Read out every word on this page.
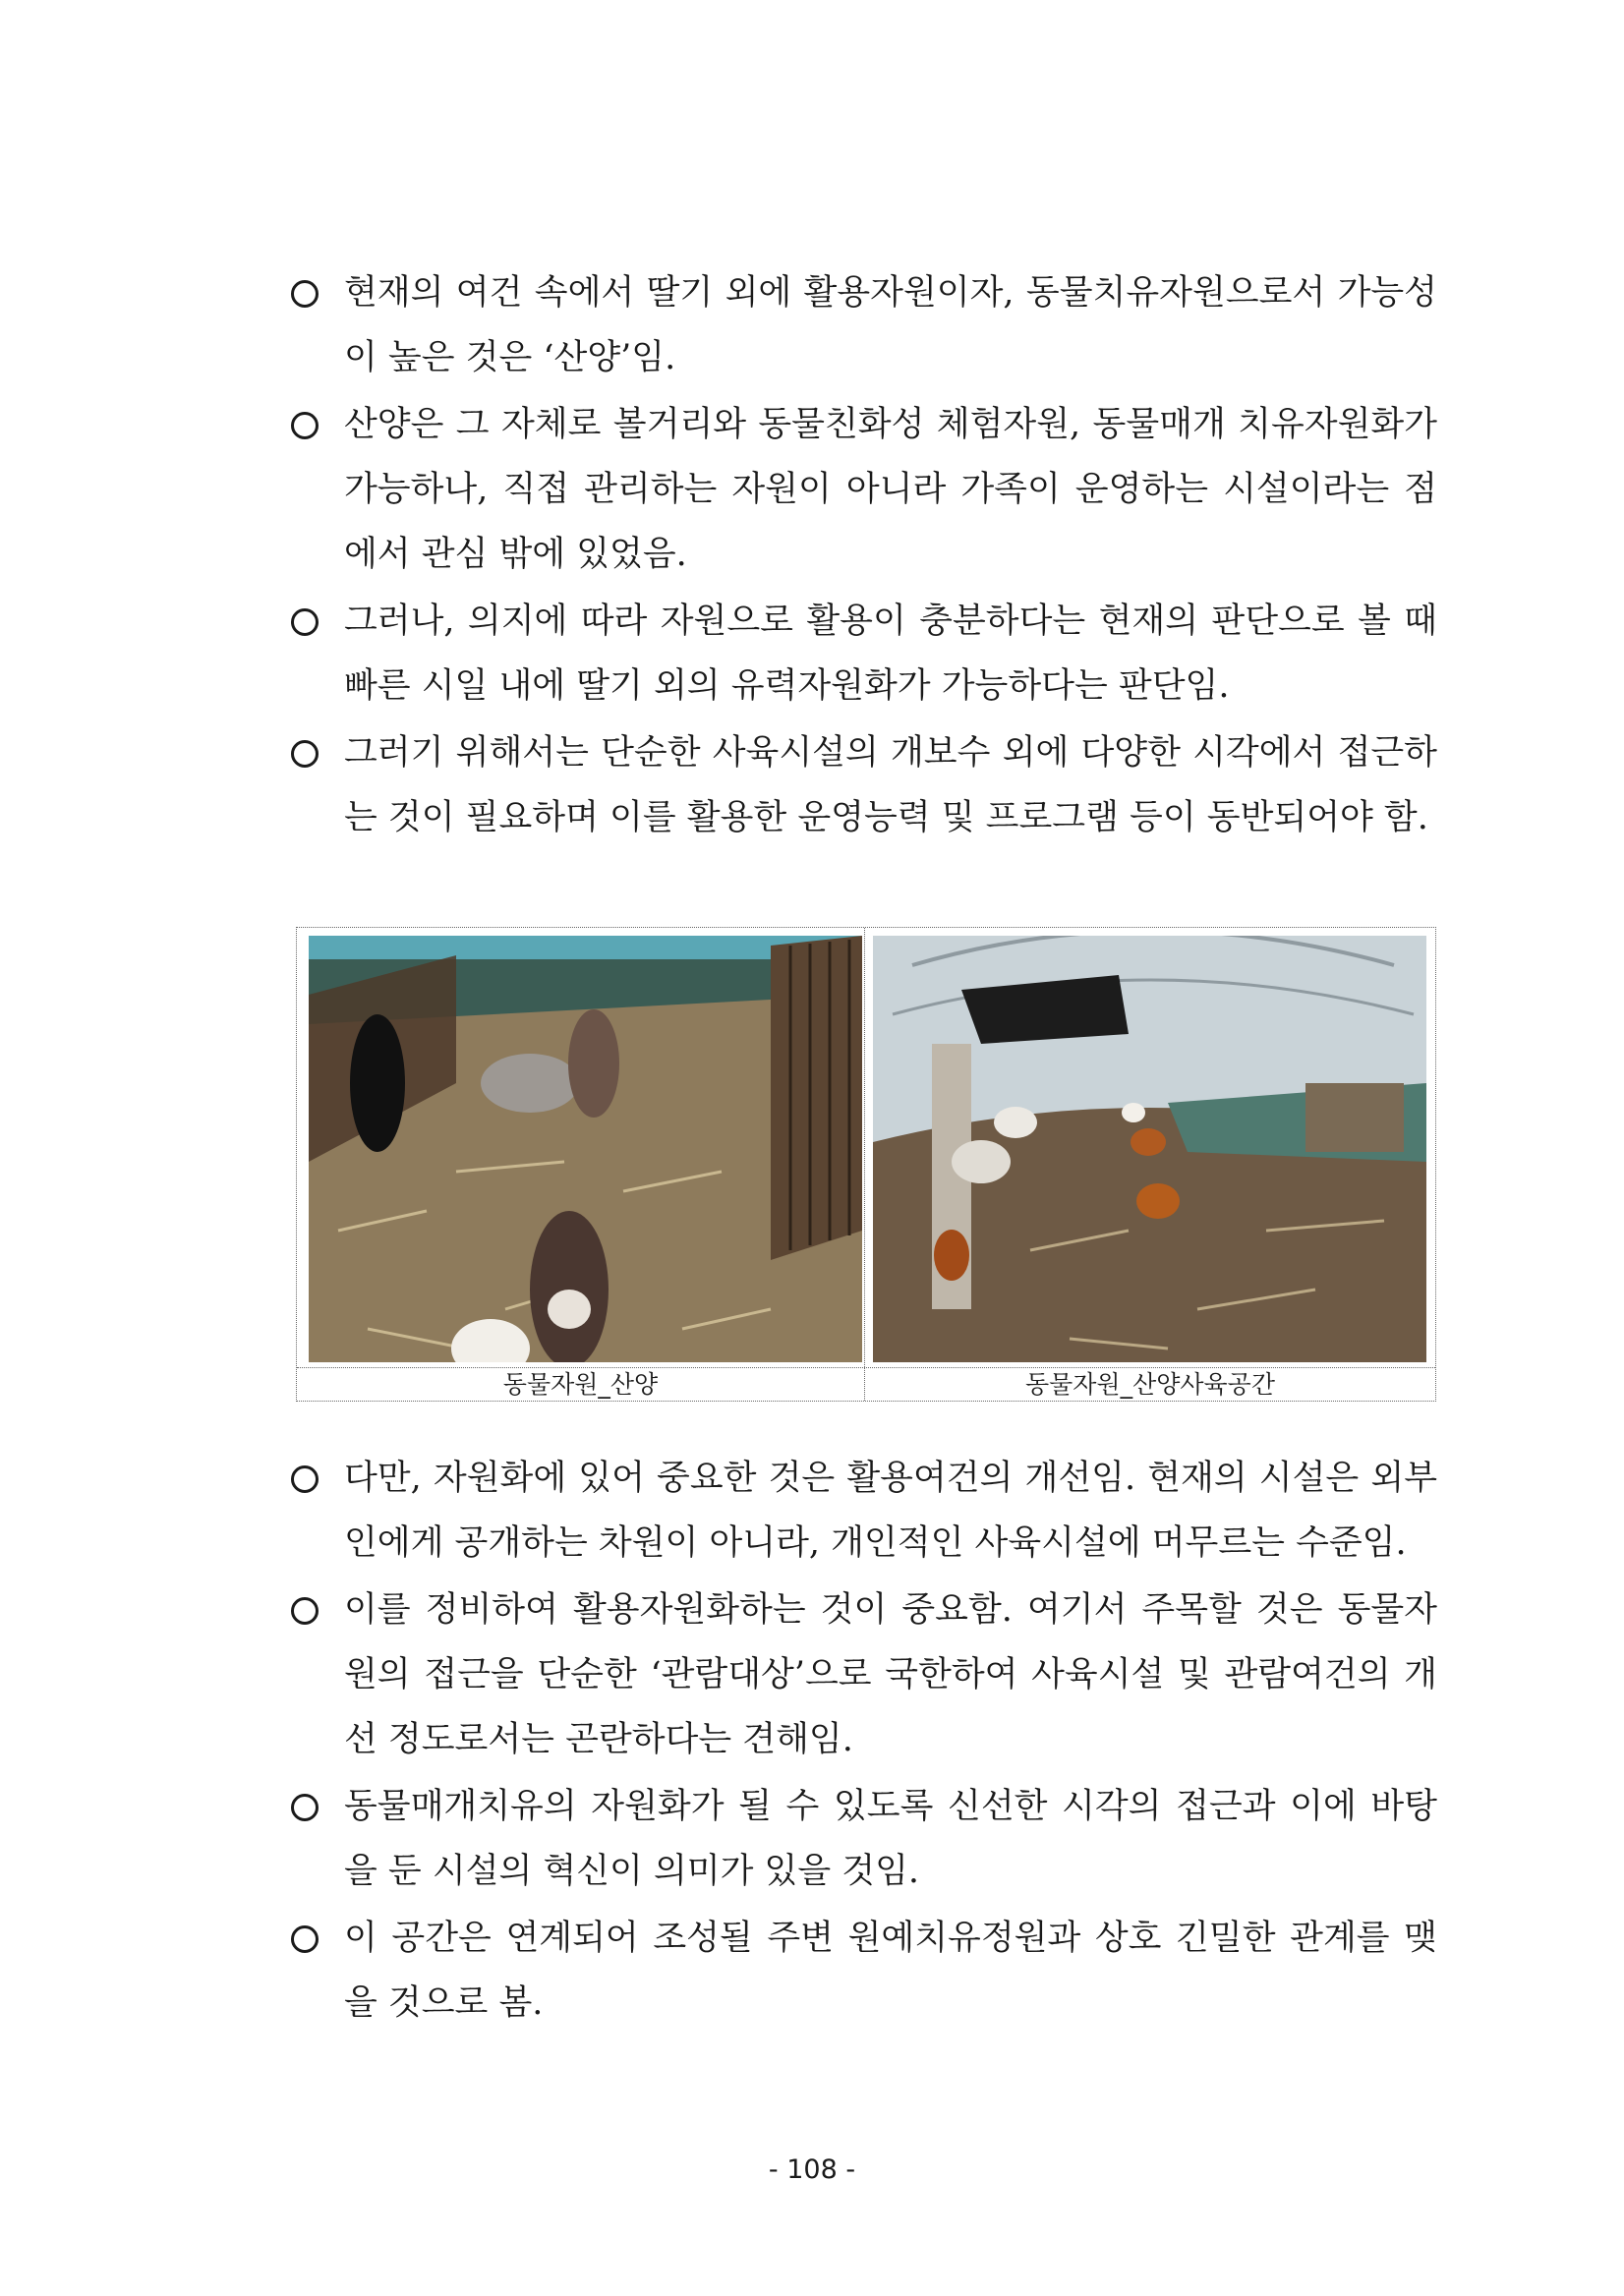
현재의 여건 속에서 딸기 외에 활용자원이자, 동물치유자원으로서 가능성이 높은 것은 ‘산양’임.
산양은 그 자체로 볼거리와 동물친화성 체험자원, 동물매개 치유자원화가 가능하나, 직접 관리하는 자원이 아니라 가족이 운영하는 시설이라는 점에서 관심 밖에 있었음.
그러나, 의지에 따라 자원으로 활용이 충분하다는 현재의 판단으로 볼 때 빠른 시일 내에 딸기 외의 유력자원화가 가능하다는 판단임.
그러기 위해서는 단순한 사육시설의 개보수 외에 다양한 시각에서 접근하는 것이 필요하며 이를 활용한 운영능력 및 프로그램 등이 동반되어야 함.
동물자원_산양	동물자원_산양사육공간
다만, 자원화에 있어 중요한 것은 활용여건의 개선임. 현재의 시설은 외부인에게 공개하는 차원이 아니라, 개인적인 사육시설에 머무르는 수준임.
이를 정비하여 활용자원화하는 것이 중요함. 여기서 주목할 것은 동물자원의 접근을 단순한 ‘관람대상’으로 국한하여 사육시설 및 관람여건의 개선 정도로서는 곤란하다는 견해임.
동물매개치유의 자원화가 될 수 있도록 신선한 시각의 접근과 이에 바탕을 둔 시설의 혁신이 의미가 있을 것임.
이 공간은 연계되어 조성될 주변 원예치유정원과 상호 긴밀한 관계를 맺을 것으로 봄.
- 108 -
